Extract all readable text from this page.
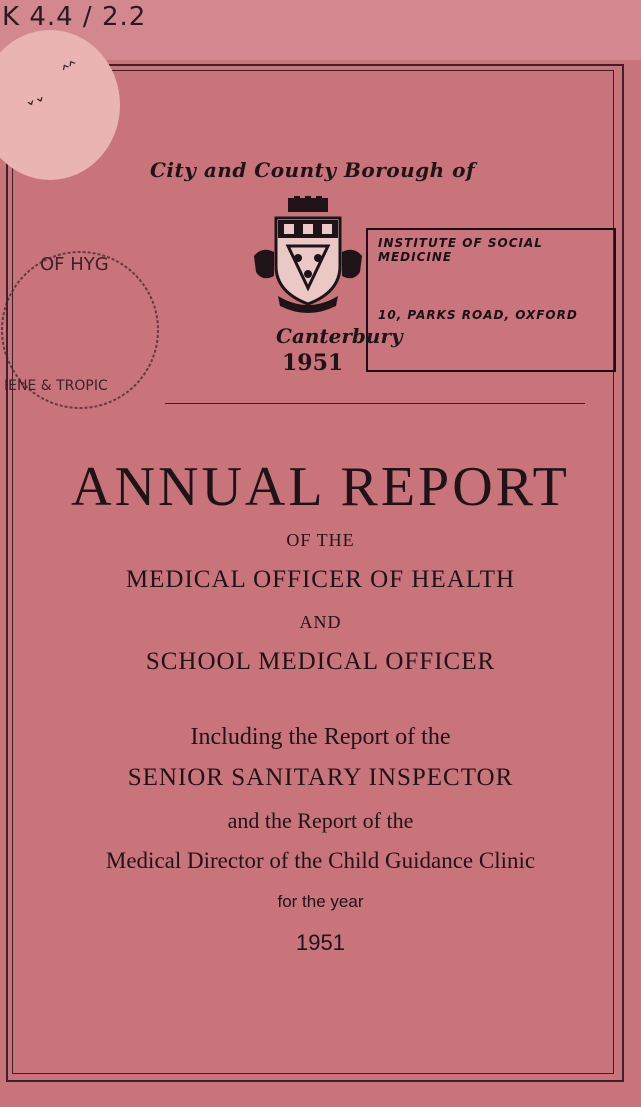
K 4.4 / 2.2
‸‸
ˇˇ
City and County Borough of
Canterbury
1951
OF HYG
IENE & TROPIC
INSTITUTE OF SOCIAL MEDICINE
10, PARKS ROAD, OXFORD
ANNUAL REPORT
OF THE
MEDICAL OFFICER OF HEALTH
AND
SCHOOL MEDICAL OFFICER
Including the Report of the
SENIOR SANITARY INSPECTOR
and the Report of the
Medical Director of the Child Guidance Clinic
for the year
1951
